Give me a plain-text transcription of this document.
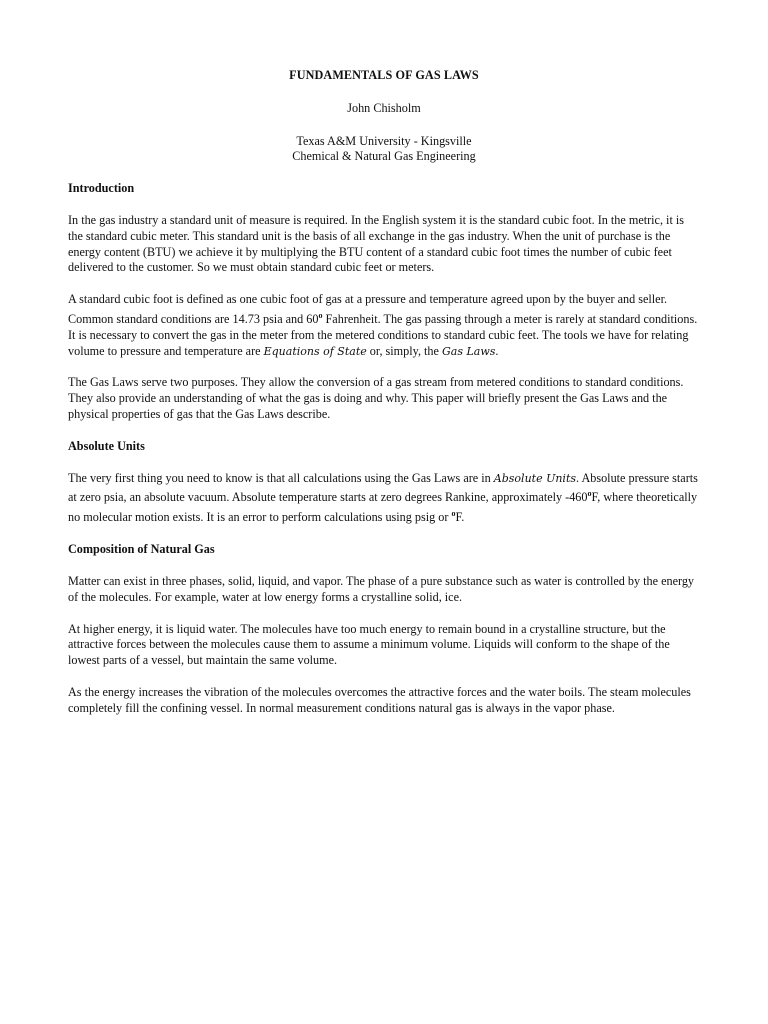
FUNDAMENTALS OF GAS LAWS
John Chisholm
Texas A&M University - Kingsville
Chemical & Natural Gas Engineering
Introduction

In the gas industry a standard unit of measure is required. In the English system it is the standard cubic foot. In the metric, it is the standard cubic meter. This standard unit is the basis of all exchange in the gas industry. When the unit of purchase is the energy content (BTU) we achieve it by multiplying the BTU content of a standard cubic foot times the number of cubic feet delivered to the customer. So we must obtain standard cubic feet or meters.

A standard cubic foot is defined as one cubic foot of gas at a pressure and temperature agreed upon by the buyer and seller. Common standard conditions are 14.73 psia and 60$^o$ Fahrenheit. The gas passing through a meter is rarely at standard conditions. It is necessary to convert the gas in the meter from the metered conditions to standard cubic feet. The tools we have for relating volume to pressure and temperature are Equations of State or, simply, the Gas Laws.

The Gas Laws serve two purposes. They allow the conversion of a gas stream from metered conditions to standard conditions. They also provide an understanding of what the gas is doing and why. This paper will briefly present the Gas Laws and the physical properties of gas that the Gas Laws describe.

Absolute Units

The very first thing you need to know is that all calculations using the Gas Laws are in Absolute Units. Absolute pressure starts at zero psia, an absolute vacuum. Absolute temperature starts at zero degrees Rankine, approximately -460$^o$F, where theoretically no molecular motion exists. It is an error to perform calculations using psig or $^o$F.

Composition of Natural Gas

Matter can exist in three phases, solid, liquid, and vapor. The phase of a pure substance such as water is controlled by the energy of the molecules. For example, water at low energy forms a crystalline solid, ice.

At higher energy, it is liquid water. The molecules have too much energy to remain bound in a crystalline structure, but the attractive forces between the molecules cause them to assume a minimum volume. Liquids will conform to the shape of the lowest parts of a vessel, but maintain the same volume.

As the energy increases the vibration of the molecules overcomes the attractive forces and the water boils. The steam molecules completely fill the confining vessel. In normal measurement conditions natural gas is always in the vapor phase.
